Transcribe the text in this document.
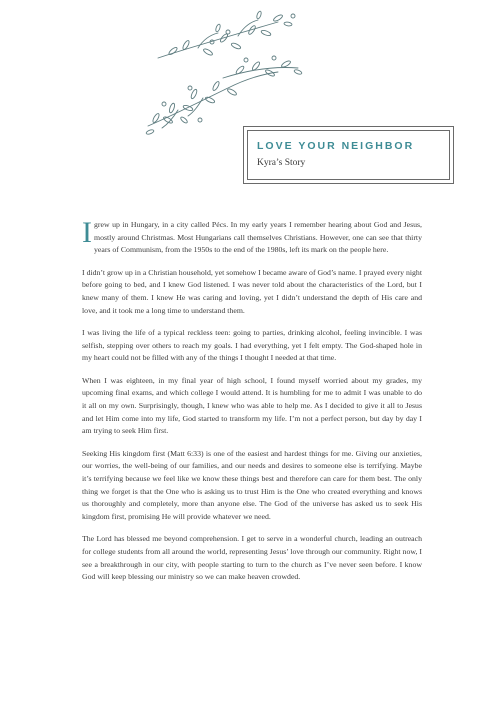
LOVE YOUR NEIGHBOR

Kyra’s Story

Igrew up in Hungary, in a city called Pécs. In my early years I remember hearing about God and Jesus, mostly around Christmas. Most Hungarians call themselves Christians. However, one can see that thirty years of Communism, from the 1950s to the end of the 1980s, left its mark on the people here.

I didn’t grow up in a Christian household, yet somehow I became aware of God’s name. I prayed every night before going to bed, and I knew God listened. I was never told about the characteristics of the Lord, but I knew many of them. I knew He was caring and loving, yet I didn’t understand the depth of His care and love, and it took me a long time to understand them.

I was living the life of a typical reckless teen: going to parties, drinking alcohol, feeling invincible. I was selfish, stepping over others to reach my goals. I had everything, yet I felt empty. The God-shaped hole in my heart could not be filled with any of the things I thought I needed at that time.

When I was eighteen, in my final year of high school, I found myself worried about my grades, my upcoming final exams, and which college I would attend. It is humbling for me to admit I was unable to do it all on my own. Surprisingly, though, I knew who was able to help me. As I decided to give it all to Jesus and let Him come into my life, God started to transform my life. I’m not a perfect person, but day by day I am trying to seek Him first.

Seeking His kingdom first (Matt 6:33) is one of the easiest and hardest things for me. Giving our anxieties, our worries, the well-being of our families, and our needs and desires to someone else is terrifying. Maybe it’s terrifying because we feel like we know these things best and therefore can care for them best. The only thing we forget is that the One who is asking us to trust Him is the One who created everything and knows us thoroughly and completely, more than anyone else. The God of the universe has asked us to seek His kingdom first, promising He will provide whatever we need.

The Lord has blessed me beyond comprehension. I get to serve in a wonderful church, leading an outreach for college students from all around the world, representing Jesus’ love through our community. Right now, I see a breakthrough in our city, with people starting to turn to the church as I’ve never seen before. I know God will keep blessing our ministry so we can make heaven crowded.
